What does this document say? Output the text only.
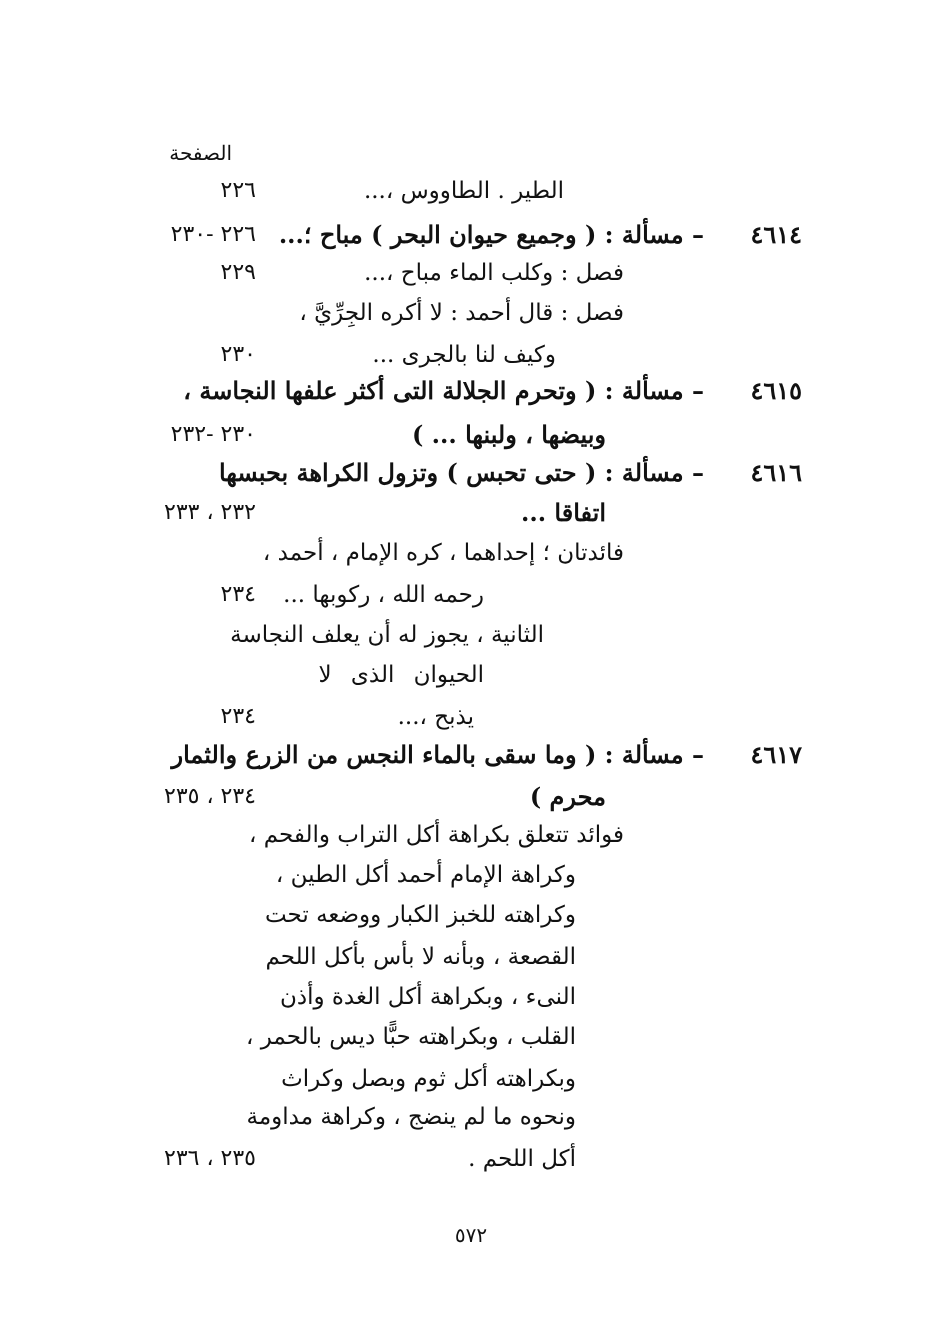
الصفحة
الطير . الطاووس ،...
٢٢٦
٤٦١٤
– مسألة : ( وجميع حيوان البحر ) مباح ؛...
٢٢٦ -٢٣٠
فصل : وكلب الماء مباح ،...
٢٢٩
فصل : قال أحمد : لا أكره الجِرِّيَّ ،
وكيف لنا بالجرى ...
٢٣٠
٤٦١٥
– مسألة : ( وتحرم الجلالة التى أكثر علفها النجاسة ،
وبيضها ، ولبنها ... )
٢٣٠ -٢٣٢
٤٦١٦
– مسألة : ( حتى تحبس ) وتزول الكراهة بحبسها
اتفاقا ...
٢٣٢ ، ٢٣٣
فائدتان ؛ إحداهما ، كره الإمام ، أحمد ،
رحمه الله ، ركوبها ...
٢٣٤
الثانية ، يجوز له أن يعلف النجاسة
الحيوان الذى لا
يذبح ،...
٢٣٤
٤٦١٧
– مسألة : ( وما سقى بالماء النجس من الزرع والثمار
محرم )
٢٣٤ ، ٢٣٥
فوائد تتعلق بكراهة أكل التراب والفحم ،
وكراهة الإمام أحمد أكل الطين ،
وكراهته للخبز الكبار ووضعه تحت
القصعة ، وبأنه لا بأس بأكل اللحم
النىء ، وبكراهة أكل الغدة وأذن
القلب ، وبكراهته حبًّا ديس بالحمر ،
وبكراهته أكل ثوم وبصل وكراث
ونحوه ما لم ينضج ، وكراهة مداومة
أكل اللحم .
٢٣٥ ، ٢٣٦
٥٧٢
